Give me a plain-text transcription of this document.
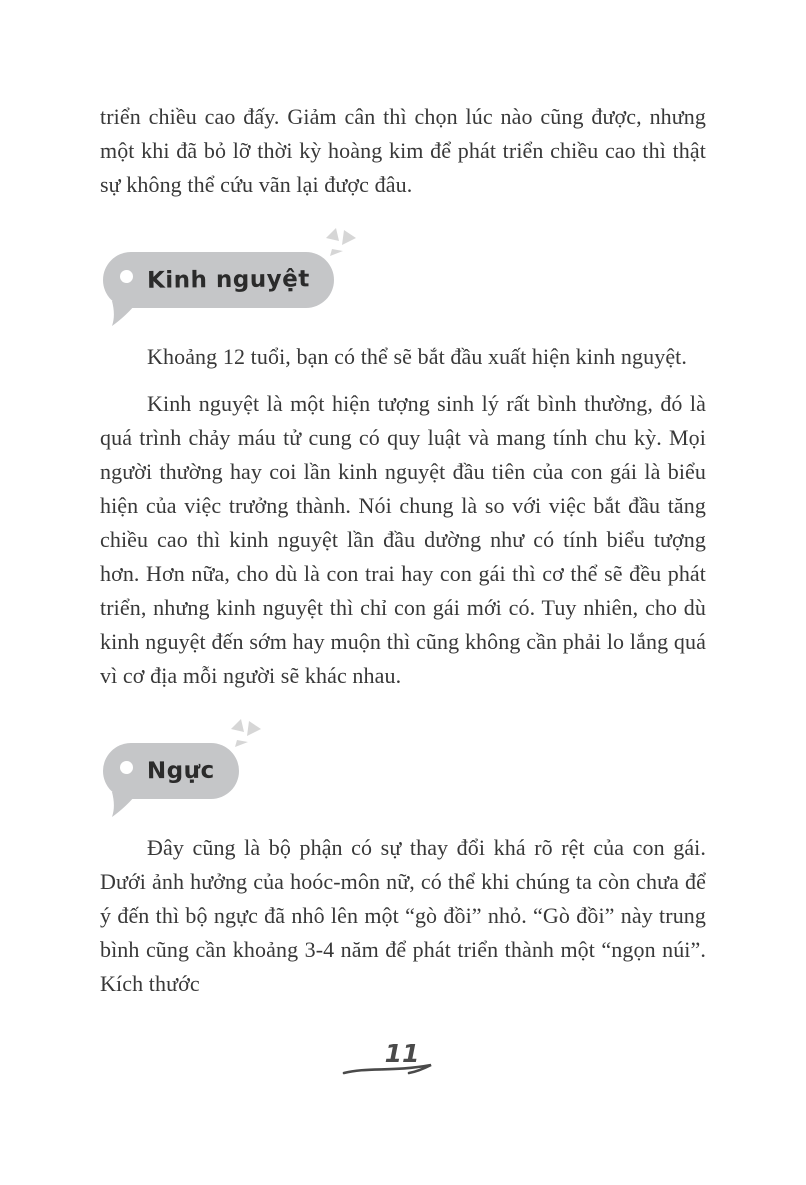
triển chiều cao đấy. Giảm cân thì chọn lúc nào cũng được, nhưng một khi đã bỏ lỡ thời kỳ hoàng kim để phát triển chiều cao thì thật sự không thể cứu vãn lại được đâu.

Kinh nguyệt

Khoảng 12 tuổi, bạn có thể sẽ bắt đầu xuất hiện kinh nguyệt.

Kinh nguyệt là một hiện tượng sinh lý rất bình thường, đó là quá trình chảy máu tử cung có quy luật và mang tính chu kỳ. Mọi người thường hay coi lần kinh nguyệt đầu tiên của con gái là biểu hiện của việc trưởng thành. Nói chung là so với việc bắt đầu tăng chiều cao thì kinh nguyệt lần đầu dường như có tính biểu tượng hơn. Hơn nữa, cho dù là con trai hay con gái thì cơ thể sẽ đều phát triển, nhưng kinh nguyệt thì chỉ con gái mới có. Tuy nhiên, cho dù kinh nguyệt đến sớm hay muộn thì cũng không cần phải lo lắng quá vì cơ địa mỗi người sẽ khác nhau.

Ngực

Đây cũng là bộ phận có sự thay đổi khá rõ rệt của con gái. Dưới ảnh hưởng của hoóc-môn nữ, có thể khi chúng ta còn chưa để ý đến thì bộ ngực đã nhô lên một “gò đồi” nhỏ. “Gò đồi” này trung bình cũng cần khoảng 3-4 năm để phát triển thành một “ngọn núi”. Kích thước

11
